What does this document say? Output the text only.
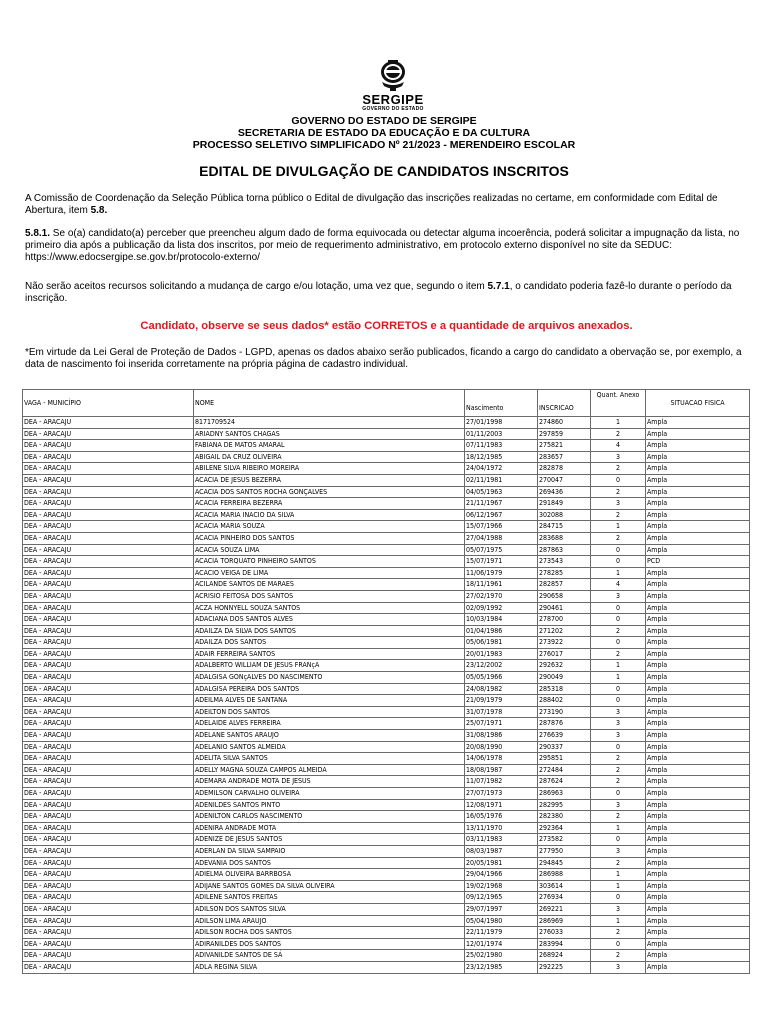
SERGIPE
GOVERNO DO ESTADO
GOVERNO DO ESTADO DE SERGIPE
SECRETARIA DE ESTADO DA EDUCAÇÃO E DA CULTURA
PROCESSO SELETIVO SIMPLIFICADO Nº 21/2023 - MERENDEIRO ESCOLAR
EDITAL DE DIVULGAÇÃO DE CANDIDATOS INSCRITOS
A Comissão de Coordenação da Seleção Pública torna público o Edital de divulgação das inscrições realizadas no certame, em conformidade com Edital de Abertura, item 5.8.
5.8.1. Se o(a) candidato(a) perceber que preencheu algum dado de forma equivocada ou detectar alguma incoerência, poderá solicitar a impugnação da lista, no primeiro dia após a publicação da lista dos inscritos, por meio de requerimento administrativo, em protocolo externo disponível no site da SEDUC: https://www.edocsergipe.se.gov.br/protocolo-externo/
Não serão aceitos recursos solicitando a mudança de cargo e/ou lotação, uma vez que, segundo o item 5.7.1, o candidato poderia fazê-lo durante o período da inscrição.
Candidato, observe se seus dados* estão CORRETOS e a quantidade de arquivos anexados.
*Em virtude da Lei Geral de Proteção de Dados - LGPD, apenas os dados abaixo serão publicados, ficando a cargo do candidato a obervação se, por exemplo, a data de nascimento foi inserida corretamente na própria página de cadastro individual.
VAGA - MUNICÍPIO	NOME	Nascimento	INSCRICAO	Quant. Anexo	SITUACAO FISICA
DEA - ARACAJU	8171709524	27/01/1998	274860	1	Ampla
DEA - ARACAJU	ARIADNY SANTOS CHAGAS	01/11/2003	297859	2	Ampla
DEA - ARACAJU	FABIANA DE MATOS AMARAL	07/11/1983	275821	4	Ampla
DEA - ARACAJU	ABIGAIL DA CRUZ OLIVEIRA	18/12/1985	283657	3	Ampla
DEA - ARACAJU	ABILENE SILVA RIBEIRO MOREIRA	24/04/1972	282878	2	Ampla
DEA - ARACAJU	ACACIA DE JESUS BEZERRA	02/11/1981	270047	0	Ampla
DEA - ARACAJU	ACACIA DOS SANTOS ROCHA GONÇALVES	04/05/1963	269436	2	Ampla
DEA - ARACAJU	ACACIA FERREIRA BEZERRA	21/11/1967	291849	3	Ampla
DEA - ARACAJU	ACACIA MARIA INACIO DA SILVA	06/12/1967	302088	2	Ampla
DEA - ARACAJU	ACACIA MARIA SOUZA	15/07/1966	284715	1	Ampla
DEA - ARACAJU	ACACIA PINHEIRO DOS SANTOS	27/04/1988	283688	2	Ampla
DEA - ARACAJU	ACACIA SOUZA LIMA	05/07/1975	287863	0	Ampla
DEA - ARACAJU	ACACIA TORQUATO PINHEIRO SANTOS	15/07/1971	273543	0	PCD
DEA - ARACAJU	ACACIO VEIGA DE LIMA	11/06/1979	278285	1	Ampla
DEA - ARACAJU	ACILANDE SANTOS DE MARAES	18/11/1961	282857	4	Ampla
DEA - ARACAJU	ACRISIO FEITOSA DOS SANTOS	27/02/1970	290658	3	Ampla
DEA - ARACAJU	ACZA HONNYELL SOUZA SANTOS	02/09/1992	290461	0	Ampla
DEA - ARACAJU	ADACIANA DOS SANTOS ALVES	10/03/1984	278700	0	Ampla
DEA - ARACAJU	ADAILZA DA SILVA DOS SANTOS	01/04/1986	271202	2	Ampla
DEA - ARACAJU	ADAILZA DOS SANTOS	05/06/1981	273922	0	Ampla
DEA - ARACAJU	ADAIR FERREIRA SANTOS	20/01/1983	276017	2	Ampla
DEA - ARACAJU	ADALBERTO WILLIAM DE JESUS FRANçA	23/12/2002	292632	1	Ampla
DEA - ARACAJU	ADALGISA GONçALVES DO NASCIMENTO	05/05/1966	290049	1	Ampla
DEA - ARACAJU	ADALGISA PEREIRA DOS SANTOS	24/08/1982	285318	0	Ampla
DEA - ARACAJU	ADEILMA ALVES DE SANTANA	21/09/1979	288402	0	Ampla
DEA - ARACAJU	ADEILTON DOS SANTOS	31/07/1978	273190	3	Ampla
DEA - ARACAJU	ADELAIDE ALVES FERREIRA	25/07/1971	287876	3	Ampla
DEA - ARACAJU	ADELANE SANTOS ARAUJO	31/08/1986	276639	3	Ampla
DEA - ARACAJU	ADELANIO SANTOS ALMEIDA	20/08/1990	290337	0	Ampla
DEA - ARACAJU	ADELITA SILVA SANTOS	14/06/1978	295851	2	Ampla
DEA - ARACAJU	ADELLY MAGNA SOUZA CAMPOS ALMEIDA	18/08/1987	272484	2	Ampla
DEA - ARACAJU	ADEMARA ANDRADE MOTA DE JESUS	11/07/1982	287624	2	Ampla
DEA - ARACAJU	ADEMILSON CARVALHO OLIVEIRA	27/07/1973	286963	0	Ampla
DEA - ARACAJU	ADENILDES SANTOS PINTO	12/08/1971	282995	3	Ampla
DEA - ARACAJU	ADENILTON CARLOS NASCIMENTO	16/05/1976	282380	2	Ampla
DEA - ARACAJU	ADENIRA ANDRADE MOTA	13/11/1970	292364	1	Ampla
DEA - ARACAJU	ADENIZE DE JESUS SANTOS	03/11/1983	273582	0	Ampla
DEA - ARACAJU	ADERLAN DA SILVA SAMPAIO	08/03/1987	277950	3	Ampla
DEA - ARACAJU	ADEVANIA DOS SANTOS	20/05/1981	294845	2	Ampla
DEA - ARACAJU	ADIELMA OLIVEIRA BARRBOSA	29/04/1966	286988	1	Ampla
DEA - ARACAJU	ADIJANE SANTOS GOMES DA SILVA OLIVEIRA	19/02/1968	303614	1	Ampla
DEA - ARACAJU	ADILENE SANTOS FREITAS	09/12/1965	276934	0	Ampla
DEA - ARACAJU	ADILSON DOS SANTOS SILVA	29/07/1997	269221	3	Ampla
DEA - ARACAJU	ADILSON LIMA ARAUJO	05/04/1980	286969	1	Ampla
DEA - ARACAJU	ADILSON ROCHA DOS SANTOS	22/11/1979	276033	2	Ampla
DEA - ARACAJU	ADIRANILDES DOS SANTOS	12/01/1974	283994	0	Ampla
DEA - ARACAJU	ADIVANILDE SANTOS DE SÁ	25/02/1980	268924	2	Ampla
DEA - ARACAJU	ADLA REGINA SILVA	23/12/1985	292225	3	Ampla
